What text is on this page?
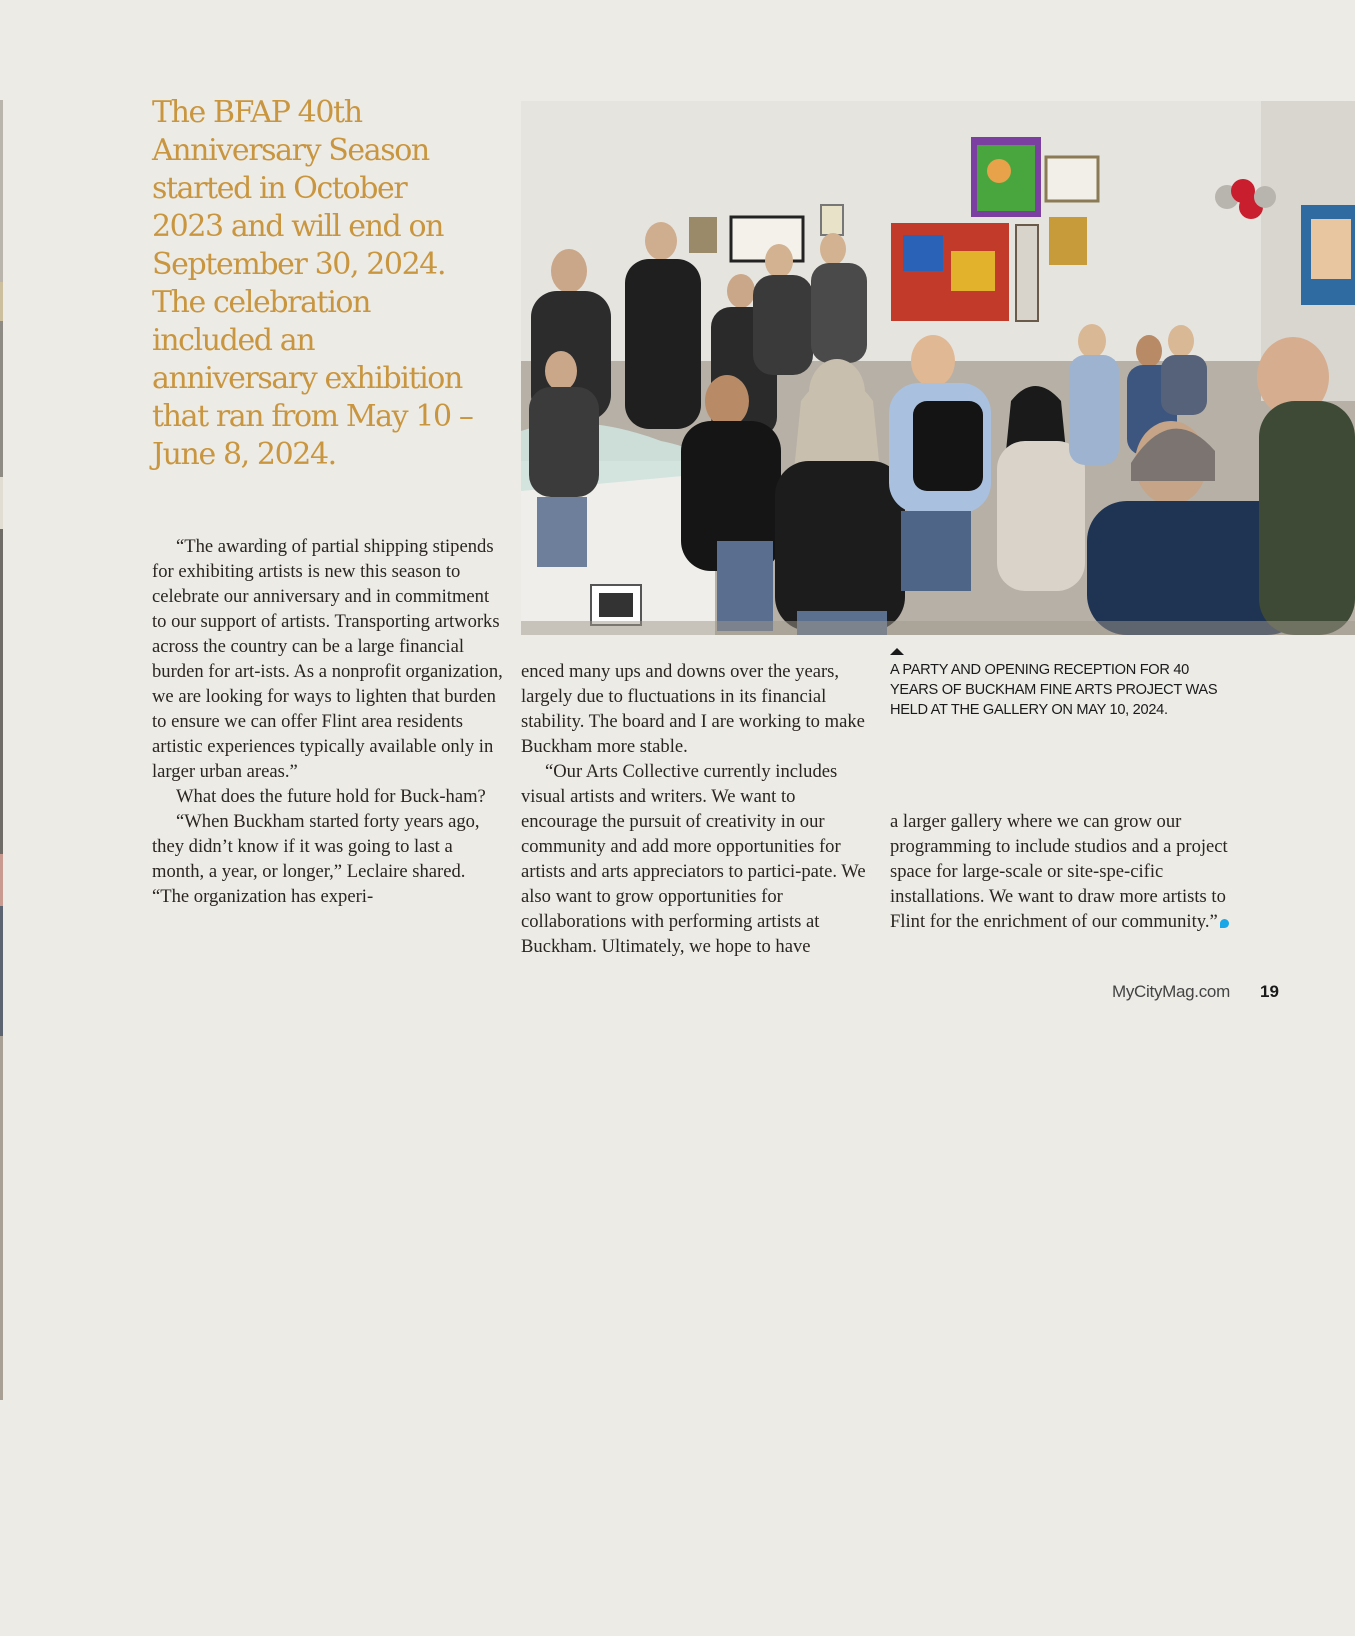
The BFAP 40th Anniversary Season started in October 2023 and will end on September 30, 2024. The celebration included an anniversary exhibition that ran from May 10 – June 8, 2024.
A PARTY AND OPENING RECEPTION FOR 40 YEARS OF BUCKHAM FINE ARTS PROJECT WAS HELD AT THE GALLERY ON MAY 10, 2024.

“The awarding of partial shipping stipends for exhibiting artists is new this season to celebrate our anniversary and in commitment to our support of artists. Transporting artworks across the country can be a large financial burden for art-ists. As a nonprofit organization, we are looking for ways to lighten that burden to ensure we can offer Flint area residents artistic experiences typically available only in larger urban areas.”

What does the future hold for Buck-ham?

“When Buckham started forty years ago, they didn’t know if it was going to last a month, a year, or longer,” Leclaire shared. “The organization has experi-

enced many ups and downs over the years, largely due to fluctuations in its financial stability. The board and I are working to make Buckham more stable.

“Our Arts Collective currently includes visual artists and writers. We want to encourage the pursuit of creativity in our community and add more opportunities for artists and arts appreciators to partici-pate. We also want to grow opportunities for collaborations with performing artists at Buckham. Ultimately, we hope to have

a larger gallery where we can grow our programming to include studios and a project space for large-scale or site-spe-cific installations. We want to draw more artists to Flint for the enrichment of our community.”

MyCityMag.com 19
